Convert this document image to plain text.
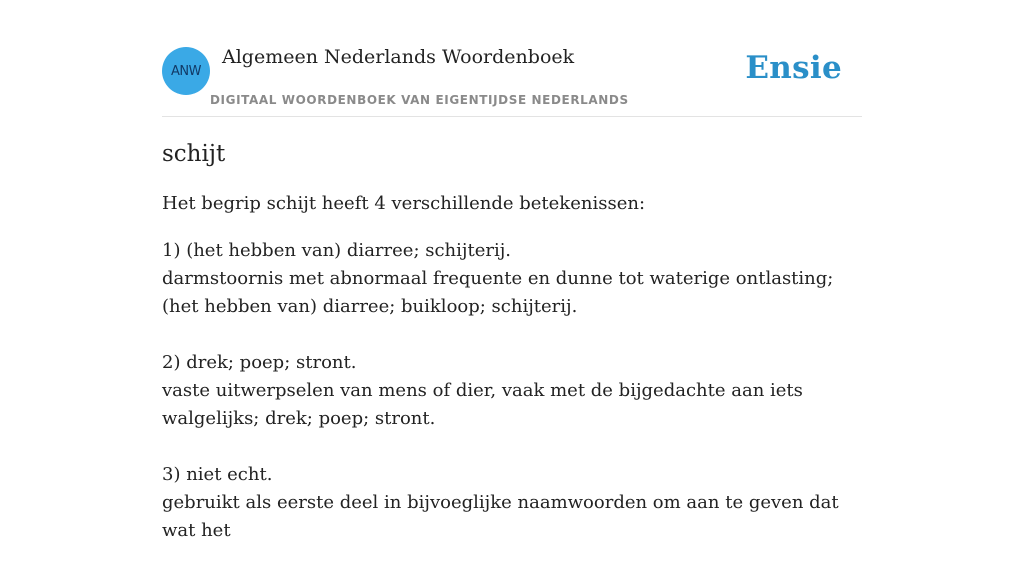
ANW
Algemeen Nederlands Woordenboek
DIGITAAL WOORDENBOEK VAN EIGENTIJDSE NEDERLANDS
Ensie
schijt

Het begrip schijt heeft 4 verschillende betekenissen:

1) (het hebben van) diarree; schijterij.

darmstoornis met abnormaal frequente en dunne tot waterige ontlasting; (het hebben van) diarree; buikloop; schijterij.

2) drek; poep; stront.

vaste uitwerpselen van mens of dier, vaak met de bijgedachte aan iets walgelijks; drek; poep; stront.

3) niet echt.

gebruikt als eerste deel in bijvoeglijke naamwoorden om aan te geven dat wat het
